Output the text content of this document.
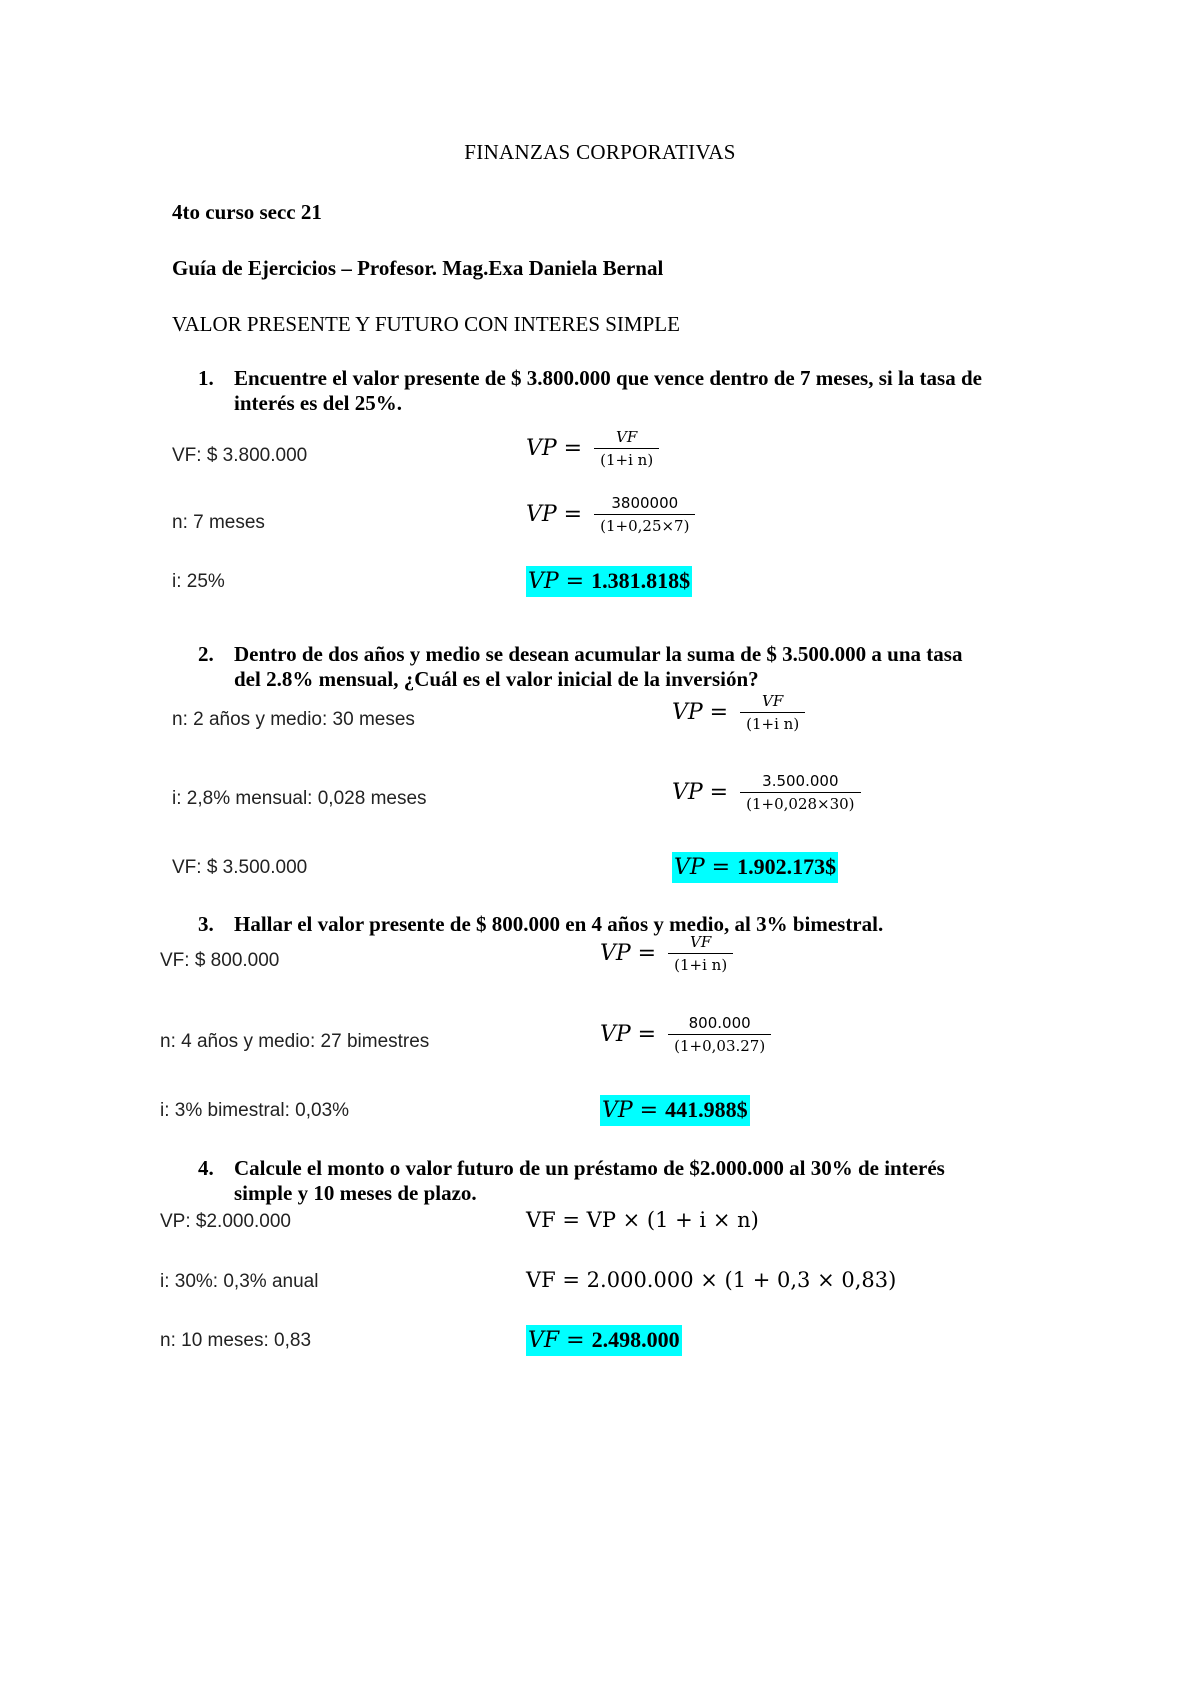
FINANZAS CORPORATIVAS
4to curso secc 21
Guía de Ejercicios – Profesor. Mag.Exa Daniela Bernal
VALOR PRESENTE Y FUTURO CON INTERES SIMPLE
1. Encuentre el valor presente de $ 3.800.000 que vence dentro de 7 meses, si la tasa de interés es del 25%.
VF: $ 3.800.000	VP = $\frac{VF}{\text{(1+i n)}}$
n: 7 meses	VP = $\frac{3800000}{(1+0,25\times 7)}$
i: 25%	VP = 1.381.818$
2. Dentro de dos años y medio se desean acumular la suma de $ 3.500.000 a una tasa del 2.8% mensual, ¿Cuál es el valor inicial de la inversión?
n: 2 años y medio: 30 meses	VP = $\frac{VF}{\text{(1+i n)}}$
i: 2,8% mensual: 0,028 meses	VP = $\frac{3.500.000}{(1+0,028\times 30)}$
VF: $ 3.500.000	VP = 1.902.173$
3. Hallar el valor presente de $ 800.000 en 4 años y medio, al 3% bimestral.
VF: $ 800.000	VP = $\frac{VF}{\text{(1+i n)}}$
n: 4 años y medio: 27 bimestres	VP = $\frac{800.000}{(1+0,03.27)}$
i: 3% bimestral: 0,03%	VP = 441.988$
4. Calcule el monto o valor futuro de un préstamo de $2.000.000 al 30% de interés simple y 10 meses de plazo.
VP: $2.000.000	VF = VP × (1 + i × n)
i: 30%: 0,3% anual	VF = 2.000.000 × (1 + 0,3 × 0,83)
n: 10 meses: 0,83	VF = 2.498.000
